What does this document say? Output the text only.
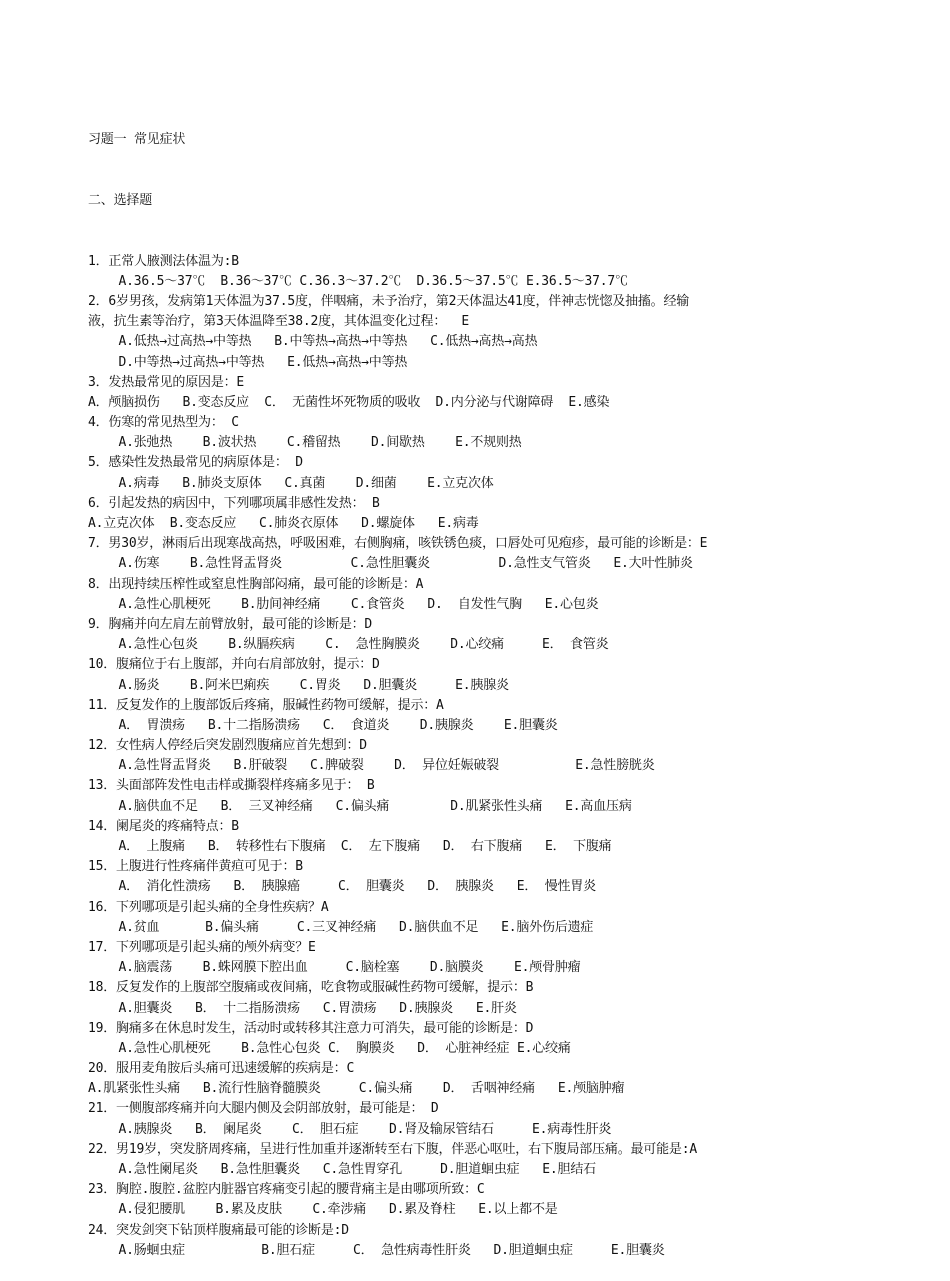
习题一 常见症状

二、选择题

1．正常人腋测法体温为:B
A.36.5～37℃  B.36～37℃ C.36.3～37.2℃  D.36.5～37.5℃ E.36.5～37.7℃
2．6岁男孩，发病第1天体温为37.5度，伴咽痛，未予治疗，第2天体温达41度，伴神志恍惚及抽搐。经输
液，抗生素等治疗，第3天体温降至38.2度，其体温变化过程：  E
A.低热→过高热→中等热   B.中等热→高热→中等热   C.低热→高热→高热
D.中等热→过高热→中等热   E.低热→高热→中等热
3．发热最常见的原因是：E
A．颅脑损伤   B.变态反应  C． 无菌性坏死物质的吸收  D.内分泌与代谢障碍  E.感染
4．伤寒的常见热型为： C
A.张弛热    B.波状热    C.稽留热    D.间歇热    E.不规则热
5．感染性发热最常见的病原体是： D
A.病毒   B.肺炎支原体   C.真菌    D.细菌    E.立克次体
6．引起发热的病因中，下列哪项属非感性发热： B
A.立克次体  B.变态反应   C.肺炎衣原体   D.螺旋体   E.病毒
7．男30岁，淋雨后出现寒战高热，呼吸困难，右侧胸痛，咳铁锈色痰，口唇处可见疱疹，最可能的诊断是：E
A.伤寒    B.急性肾盂肾炎         C.急性胆囊炎         D.急性支气管炎   E.大叶性肺炎
8．出现持续压榨性或窒息性胸部闷痛，最可能的诊断是：A
A.急性心肌梗死    B.肋间神经痛    C.食管炎   D.  自发性气胸   E.心包炎
9．胸痛并向左肩左前臂放射，最可能的诊断是：D
A.急性心包炎    B.纵膈疾病    C.  急性胸膜炎    D.心绞痛     E． 食管炎
10．腹痛位于右上腹部，并向右肩部放射，提示：D
A.肠炎    B.阿米巴痢疾    C.胃炎   D.胆囊炎     E.胰腺炎
11．反复发作的上腹部饭后疼痛，服碱性药物可缓解，提示：A
A． 胃溃疡   B.十二指肠溃疡   C． 食道炎    D.胰腺炎    E.胆囊炎
12．女性病人停经后突发剧烈腹痛应首先想到：D
A.急性肾盂肾炎   B.肝破裂   C.脾破裂    D． 异位妊娠破裂          E.急性膀胱炎
13．头面部阵发性电击样或撕裂样疼痛多见于： B
A.脑供血不足   B． 三叉神经痛   C.偏头痛        D.肌紧张性头痛   E.高血压病
14．阑尾炎的疼痛特点：B
A． 上腹痛   B． 转移性右下腹痛  C． 左下腹痛   D． 右下腹痛   E． 下腹痛
15．上腹进行性疼痛伴黄疸可见于：B
A． 消化性溃疡   B． 胰腺癌     C． 胆囊炎   D． 胰腺炎   E． 慢性胃炎
16．下列哪项是引起头痛的全身性疾病？A
A.贫血      B.偏头痛     C.三叉神经痛   D.脑供血不足   E.脑外伤后遗症
17．下列哪项是引起头痛的颅外病变？E
A.脑震荡    B.蛛网膜下腔出血     C.脑栓塞    D.脑膜炎    E.颅骨肿瘤
18．反复发作的上腹部空腹痛或夜间痛，吃食物或服碱性药物可缓解，提示：B
A.胆囊炎   B． 十二指肠溃疡   C.胃溃疡   D.胰腺炎   E.肝炎
19．胸痛多在休息时发生，活动时或转移其注意力可消失，最可能的诊断是：D
A.急性心肌梗死    B.急性心包炎 C． 胸膜炎   D． 心脏神经症 E.心绞痛
20．服用麦角胺后头痛可迅速缓解的疾病是：C
A.肌紧张性头痛   B.流行性脑脊髓膜炎     C.偏头痛    D． 舌咽神经痛   E.颅脑肿瘤
21．一侧腹部疼痛并向大腿内侧及会阴部放射，最可能是： D
A.胰腺炎   B． 阑尾炎    C． 胆石症    D.肾及输尿管结石     E.病毒性肝炎
22．男19岁，突发脐周疼痛，呈进行性加重并逐渐转至右下腹，伴恶心呕吐，右下腹局部压痛。最可能是:A
A.急性阑尾炎   B.急性胆囊炎   C.急性胃穿孔     D.胆道蛔虫症   E.胆结石
23．胸腔.腹腔.盆腔内脏器官疼痛变引起的腰背痛主是由哪项所致：C
A.侵犯腰肌    B.累及皮肤    C.牵涉痛   D.累及脊柱   E.以上都不是
24．突发剑突下钻顶样腹痛最可能的诊断是:D
A.肠蛔虫症          B.胆石症     C． 急性病毒性肝炎   D.胆道蛔虫症     E.胆囊炎
